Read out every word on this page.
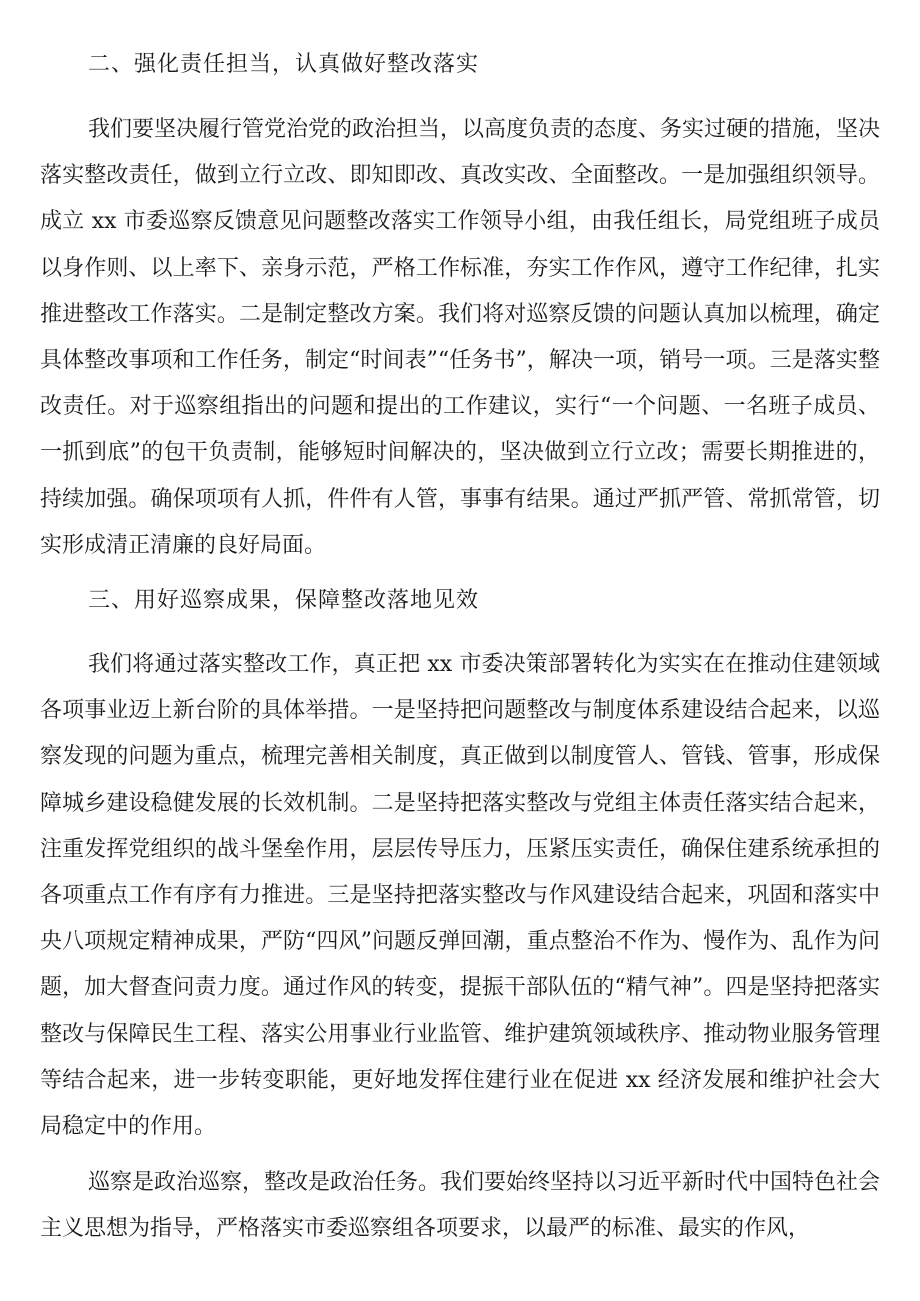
二、强化责任担当，认真做好整改落实

我们要坚决履行管党治党的政治担当，以高度负责的态度、务实过硬的措施，坚决落实整改责任，做到立行立改、即知即改、真改实改、全面整改。一是加强组织领导。成立 xx 市委巡察反馈意见问题整改落实工作领导小组，由我任组长，局党组班子成员以身作则、以上率下、亲身示范，严格工作标准，夯实工作作风，遵守工作纪律，扎实推进整改工作落实。二是制定整改方案。我们将对巡察反馈的问题认真加以梳理，确定具体整改事项和工作任务，制定“时间表”“任务书”，解决一项，销号一项。三是落实整改责任。对于巡察组指出的问题和提出的工作建议，实行“一个问题、一名班子成员、一抓到底”的包干负责制，能够短时间解决的，坚决做到立行立改；需要长期推进的，持续加强。确保项项有人抓，件件有人管，事事有结果。通过严抓严管、常抓常管，切实形成清正清廉的良好局面。

三、用好巡察成果，保障整改落地见效

我们将通过落实整改工作，真正把 xx 市委决策部署转化为实实在在推动住建领域各项事业迈上新台阶的具体举措。一是坚持把问题整改与制度体系建设结合起来，以巡察发现的问题为重点，梳理完善相关制度，真正做到以制度管人、管钱、管事，形成保障城乡建设稳健发展的长效机制。二是坚持把落实整改与党组主体责任落实结合起来，注重发挥党组织的战斗堡垒作用，层层传导压力，压紧压实责任，确保住建系统承担的各项重点工作有序有力推进。三是坚持把落实整改与作风建设结合起来，巩固和落实中央八项规定精神成果，严防“四风”问题反弹回潮，重点整治不作为、慢作为、乱作为问题，加大督查问责力度。通过作风的转变，提振干部队伍的“精气神”。四是坚持把落实整改与保障民生工程、落实公用事业行业监管、维护建筑领域秩序、推动物业服务管理等结合起来，进一步转变职能，更好地发挥住建行业在促进 xx 经济发展和维护社会大局稳定中的作用。

巡察是政治巡察，整改是政治任务。我们要始终坚持以习近平新时代中国特色社会主义思想为指导，严格落实市委巡察组各项要求，以最严的标准、最实的作风，
